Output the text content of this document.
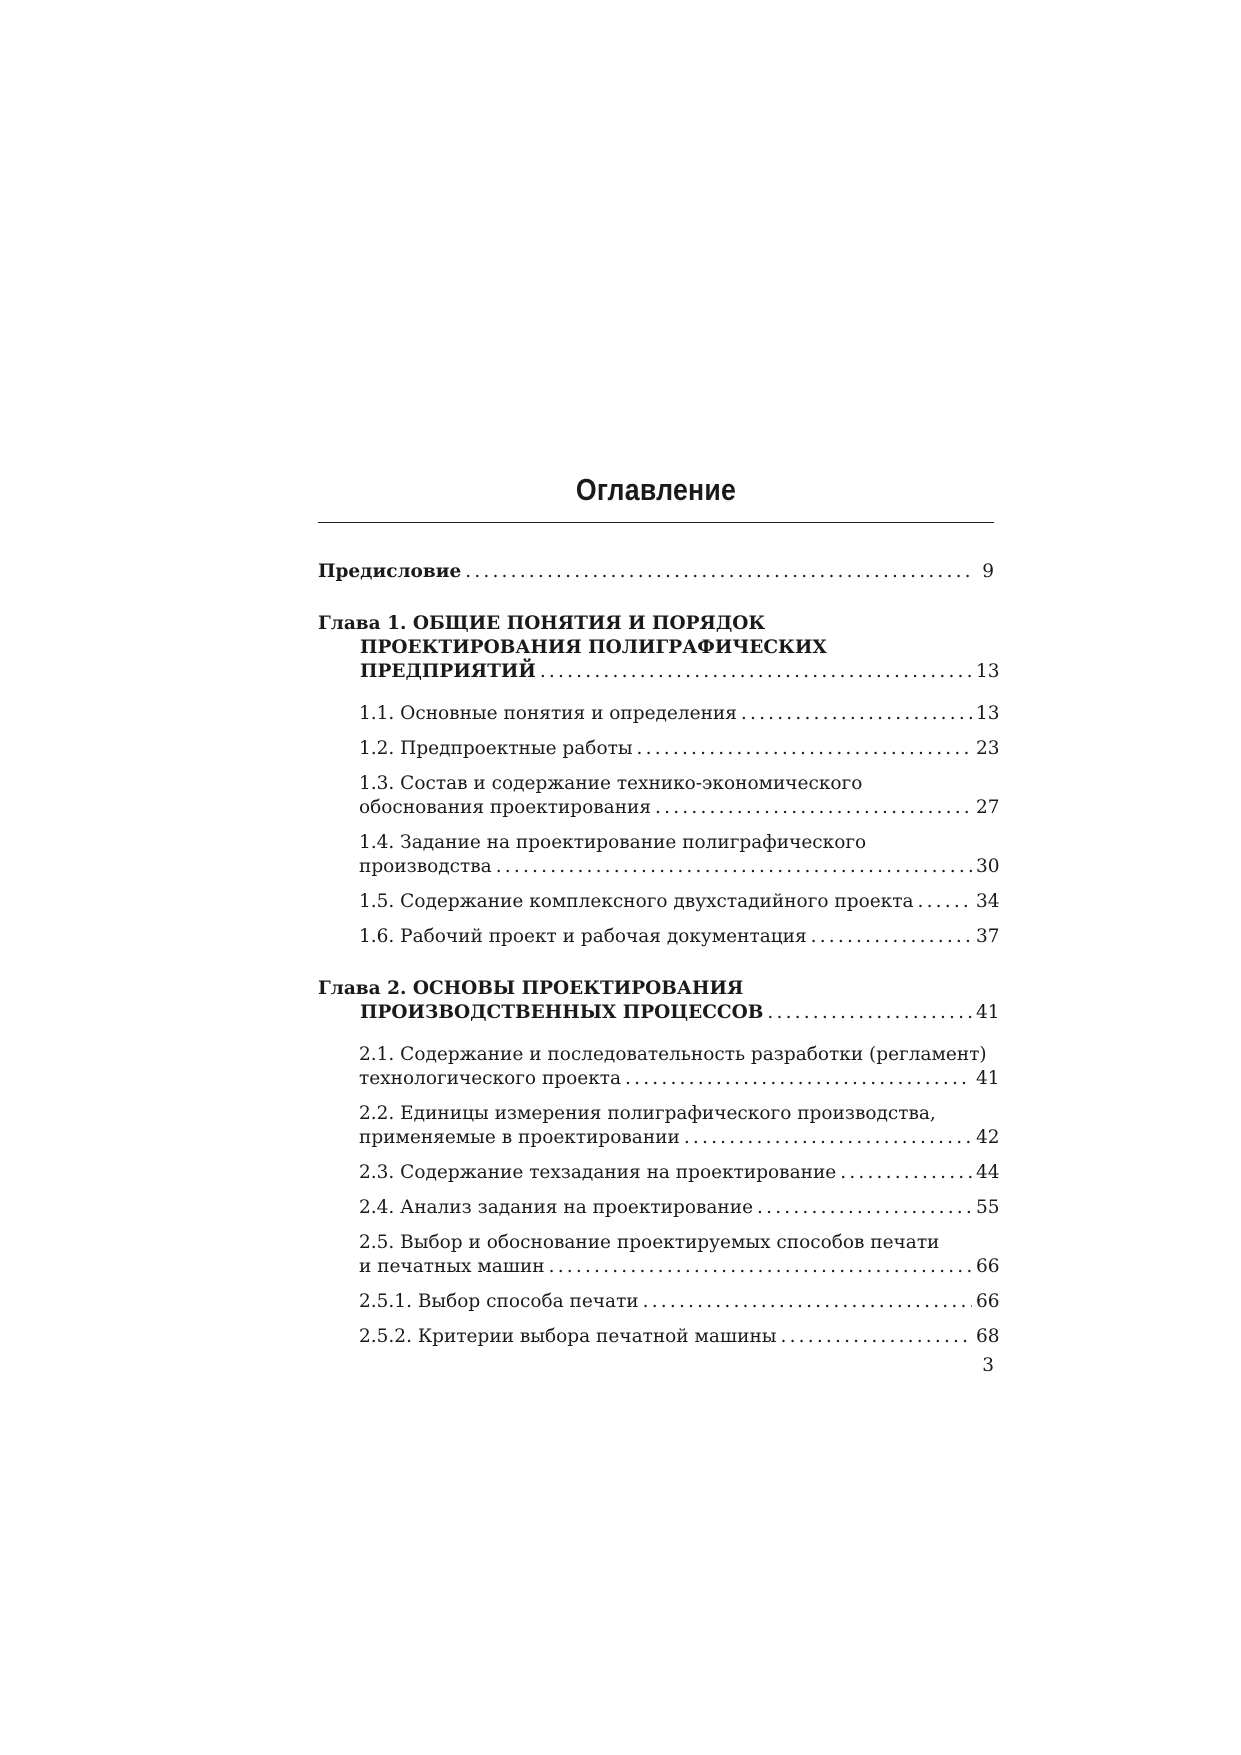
Оглавление
Предисловие .....	9
Глава 1. ОБЩИЕ ПОНЯТИЯ И ПОРЯДОК
ПРОЕКТИРОВАНИЯ ПОЛИГРАФИЧЕСКИХ
ПРЕДПРИЯТИЙ .....	13
1.1. Основные понятия и определения .....	13
1.2. Предпроектные работы .....	23
1.3. Состав и содержание технико-экономического
обоснования проектирования .....	27
1.4. Задание на проектирование полиграфического
производства .....	30
1.5. Содержание комплексного двухстадийного проекта .....	34
1.6. Рабочий проект и рабочая документация .....	37
Глава 2. ОСНОВЫ ПРОЕКТИРОВАНИЯ
ПРОИЗВОДСТВЕННЫХ ПРОЦЕССОВ .....	41
2.1. Содержание и последовательность разработки (регламент)
технологического проекта .....	41
2.2. Единицы измерения полиграфического производства,
применяемые в проектировании .....	42
2.3. Содержание техзадания на проектирование .....	44
2.4. Анализ задания на проектирование .....	55
2.5. Выбор и обоснование проектируемых способов печати
и печатных машин .....	66
2.5.1. Выбор способа печати .....	66
2.5.2. Критерии выбора печатной машины .....	68
3
